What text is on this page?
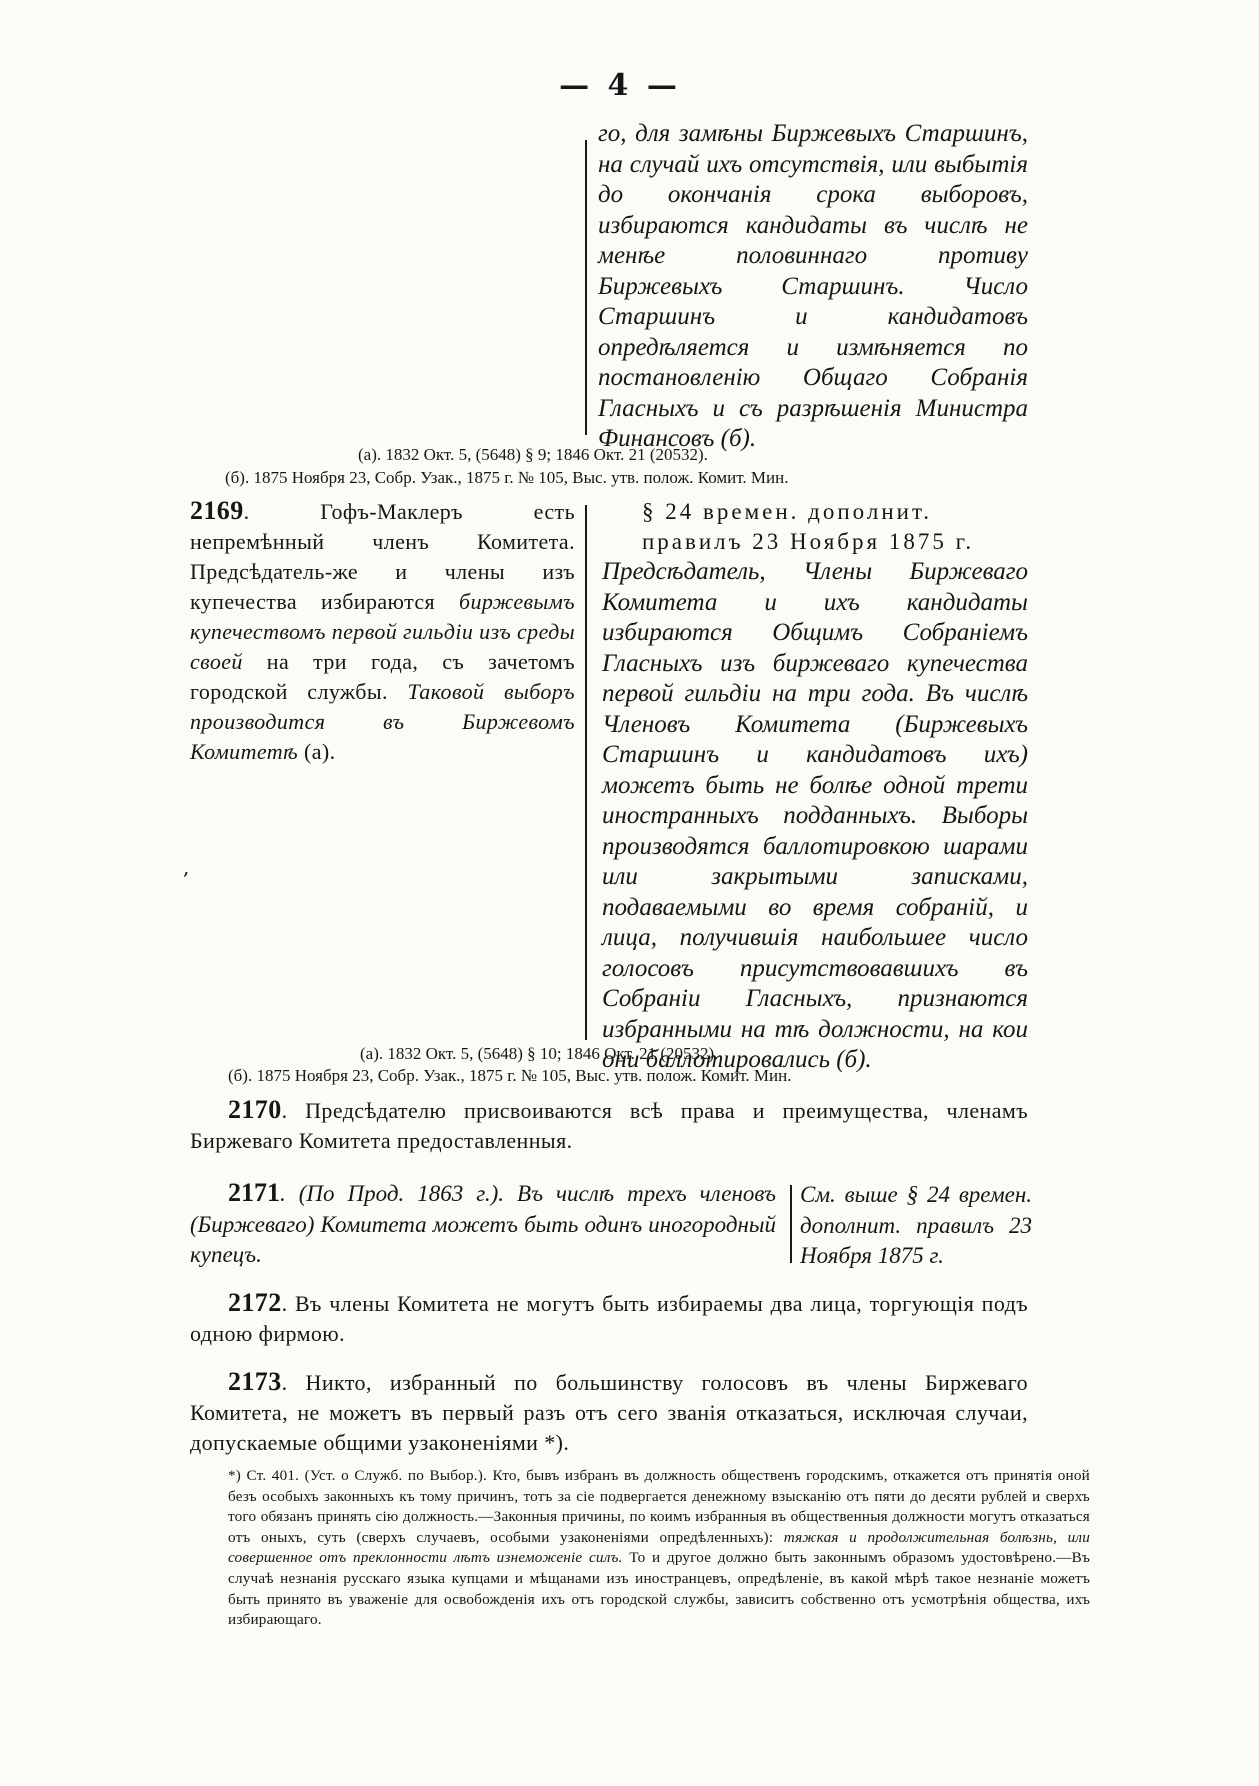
— 4 —
го, для замѣны Биржевыхъ Старшинъ, на случай ихъ отсутствія, или выбытія до окончанія срока выборовъ, избираются кандидаты въ числѣ не менѣе половиннаго противу Биржевыхъ Старшинъ. Число Старшинъ и кандидатовъ опредѣляется и измѣняется по постановленію Общаго Собранія Гласныхъ и съ разрѣшенія Министра Финансовъ (б).
(а). 1832 Окт. 5, (5648) § 9; 1846 Окт. 21 (20532).
(б). 1875 Ноября 23, Собр. Узак., 1875 г. № 105, Выс. утв. полож. Комит. Мин.
2169. Гофъ-Маклеръ есть непремѣнный членъ Комитета. Предсѣдатель-же и члены изъ купечества избираются биржевымъ купечествомъ первой гильдіи изъ среды своей на три года, съ зачетомъ городской службы. Таковой выборъ производится въ Биржевомъ Комитетѣ (а).
,
§ 24 времен. дополнит. правилъ 23 Ноября 1875 г.
Предсѣдатель, Члены Биржеваго Комитета и ихъ кандидаты избираются Общимъ Собраніемъ Гласныхъ изъ биржеваго купечества первой гильдіи на три года. Въ числѣ Членовъ Комитета (Биржевыхъ Старшинъ и кандидатовъ ихъ) можетъ быть не болѣе одной трети иностранныхъ подданныхъ. Выборы производятся баллотировкою шарами или закрытыми записками, подаваемыми во время собраній, и лица, получившія наибольшее число голосовъ присутствовавшихъ въ Собраніи Гласныхъ, признаются избранными на тѣ должности, на кои они баллотировались (б).
(а). 1832 Окт. 5, (5648) § 10; 1846 Окт. 21 (20532).
(б). 1875 Ноября 23, Собр. Узак., 1875 г. № 105, Выс. утв. полож. Комит. Мин.
2170. Предсѣдателю присвоиваются всѣ права и преимущества, членамъ Биржеваго Комитета предоставленныя.
2171. (По Прод. 1863 г.). Въ числѣ трехъ членовъ (Биржеваго) Комитета можетъ быть одинъ иногородный купецъ.
См. выше § 24 времен. дополнит. правилъ 23 Ноября 1875 г.
2172. Въ члены Комитета не могутъ быть избираемы два лица, торгующія подъ одною фирмою.
2173. Никто, избранный по большинству голосовъ въ члены Биржеваго Комитета, не можетъ въ первый разъ отъ сего званія отказаться, исключая случаи, допускаемые общими узаконеніями *).
*) Ст. 401. (Уст. о Служб. по Выбор.). Кто, бывъ избранъ въ должность общественъ городскимъ, откажется отъ принятія оной безъ особыхъ законныхъ къ тому причинъ, тотъ за сіе подвергается денежному взысканію отъ пяти до десяти рублей и сверхъ того обязанъ принять сію должность.—Законныя причины, по коимъ избранныя въ общественныя должности могутъ отказаться отъ оныхъ, суть (сверхъ случаевъ, особыми узаконеніями опредѣленныхъ): тяжкая и продолжительная болѣзнь, или совершенное отъ преклонности лѣтъ изнеможеніе силъ. То и другое должно быть законнымъ образомъ удостовѣрено.—Въ случаѣ незнанія русскаго языка купцами и мѣщанами изъ иностранцевъ, опредѣленіе, въ какой мѣрѣ такое незнаніе можетъ быть принято въ уваженіе для освобожденія ихъ отъ городской службы, зависитъ собственно отъ усмотрѣнія общества, ихъ избирающаго.
